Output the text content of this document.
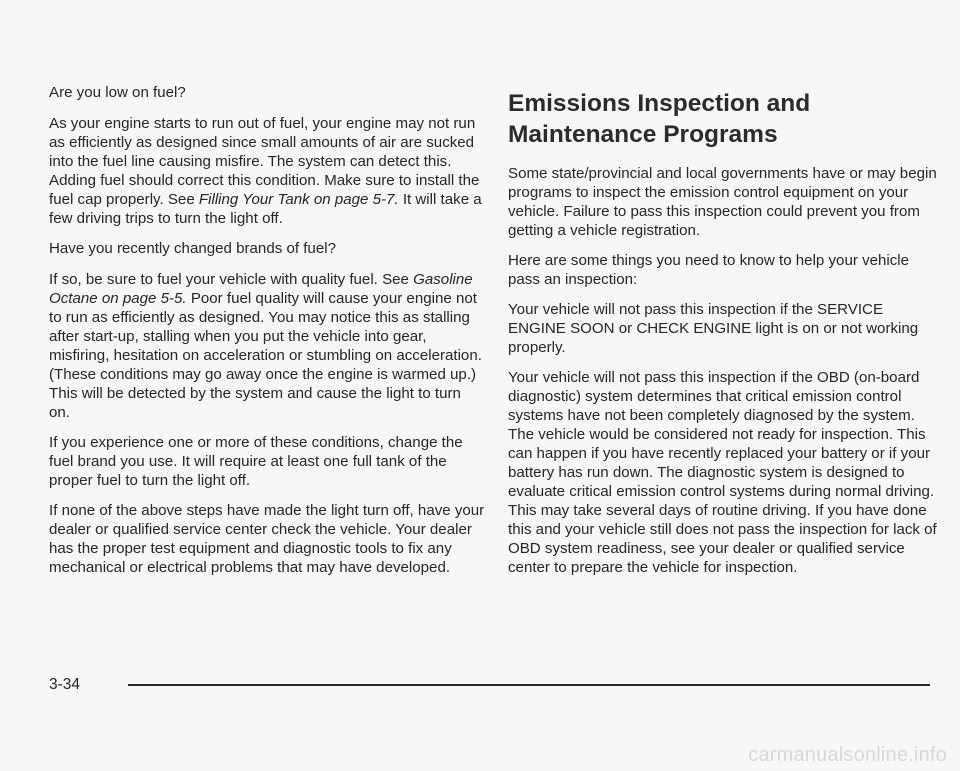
Are you low on fuel?

As your engine starts to run out of fuel, your engine may not run as efficiently as designed since small amounts of air are sucked into the fuel line causing misfire. The system can detect this. Adding fuel should correct this condition. Make sure to install the fuel cap properly. See Filling Your Tank on page 5-7. It will take a few driving trips to turn the light off.

Have you recently changed brands of fuel?

If so, be sure to fuel your vehicle with quality fuel. See Gasoline Octane on page 5-5. Poor fuel quality will cause your engine not to run as efficiently as designed. You may notice this as stalling after start-up, stalling when you put the vehicle into gear, misfiring, hesitation on acceleration or stumbling on acceleration. (These conditions may go away once the engine is warmed up.) This will be detected by the system and cause the light to turn on.

If you experience one or more of these conditions, change the fuel brand you use. It will require at least one full tank of the proper fuel to turn the light off.

If none of the above steps have made the light turn off, have your dealer or qualified service center check the vehicle. Your dealer has the proper test equipment and diagnostic tools to fix any mechanical or electrical problems that may have developed.

Emissions Inspection and Maintenance Programs

Some state/provincial and local governments have or may begin programs to inspect the emission control equipment on your vehicle. Failure to pass this inspection could prevent you from getting a vehicle registration.

Here are some things you need to know to help your vehicle pass an inspection:

Your vehicle will not pass this inspection if the SERVICE ENGINE SOON or CHECK ENGINE light is on or not working properly.

Your vehicle will not pass this inspection if the OBD (on-board diagnostic) system determines that critical emission control systems have not been completely diagnosed by the system. The vehicle would be considered not ready for inspection. This can happen if you have recently replaced your battery or if your battery has run down. The diagnostic system is designed to evaluate critical emission control systems during normal driving. This may take several days of routine driving. If you have done this and your vehicle still does not pass the inspection for lack of OBD system readiness, see your dealer or qualified service center to prepare the vehicle for inspection.

3-34
carmanualsonline.info
